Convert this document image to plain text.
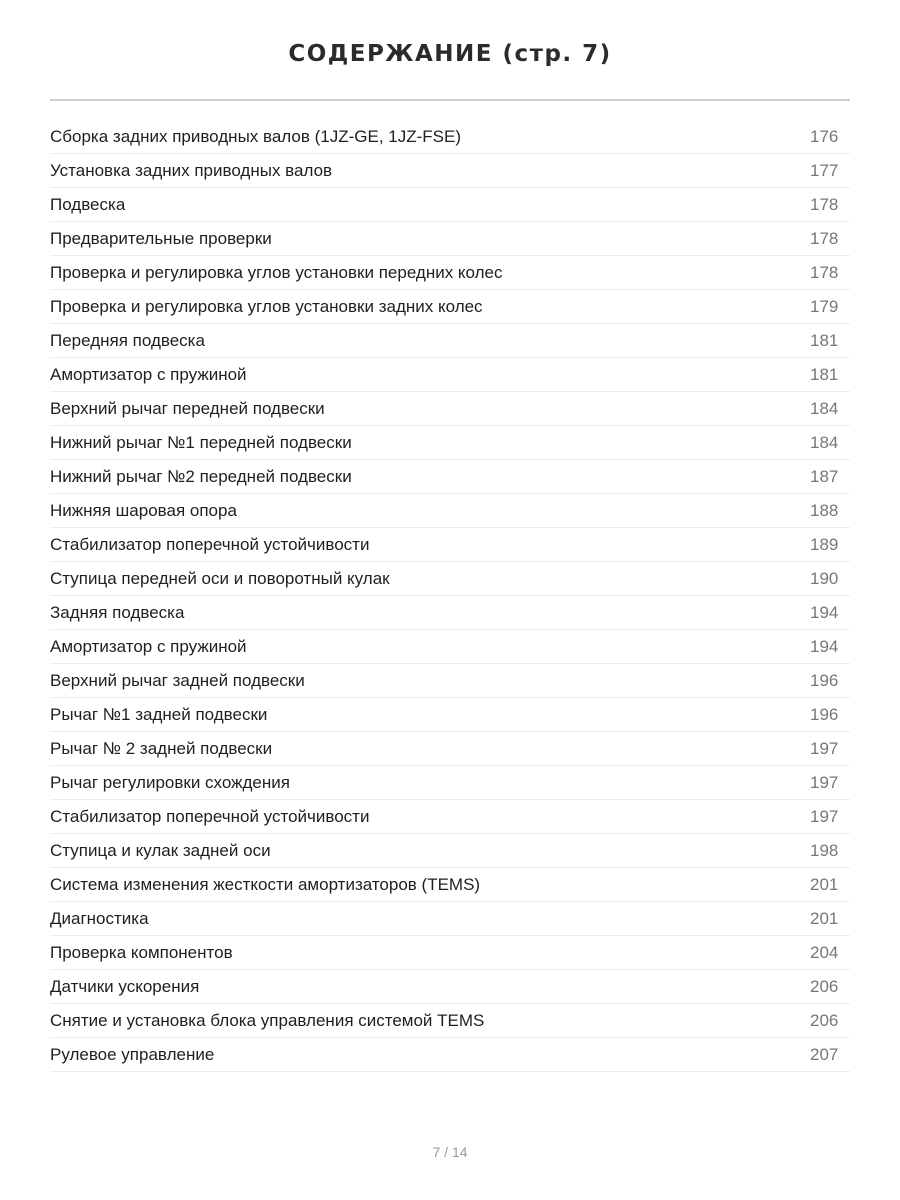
СОДЕРЖАНИЕ (стр. 7)
Сборка задних приводных валов (1JZ-GE, 1JZ-FSE)	176
Установка задних приводных валов	177
Подвеска	178
Предварительные проверки	178
Проверка и регулировка углов установки передних колес	178
Проверка и регулировка углов установки задних колес	179
Передняя подвеска	181
Амортизатор с пружиной	181
Верхний рычаг передней подвески	184
Нижний рычаг №1 передней подвески	184
Нижний рычаг №2 передней подвески	187
Нижняя шаровая опора	188
Стабилизатор поперечной устойчивости	189
Ступица передней оси и поворотный кулак	190
Задняя подвеска	194
Амортизатор с пружиной	194
Верхний рычаг задней подвески	196
Рычаг №1 задней подвески	196
Рычаг № 2 задней подвески	197
Рычаг регулировки схождения	197
Стабилизатор поперечной устойчивости	197
Ступица и кулак задней оси	198
Система изменения жесткости амортизаторов (TEMS)	201
Диагностика	201
Проверка компонентов	204
Датчики ускорения	206
Снятие и установка блока управления системой TEMS	206
Рулевое управление	207
7 / 14
